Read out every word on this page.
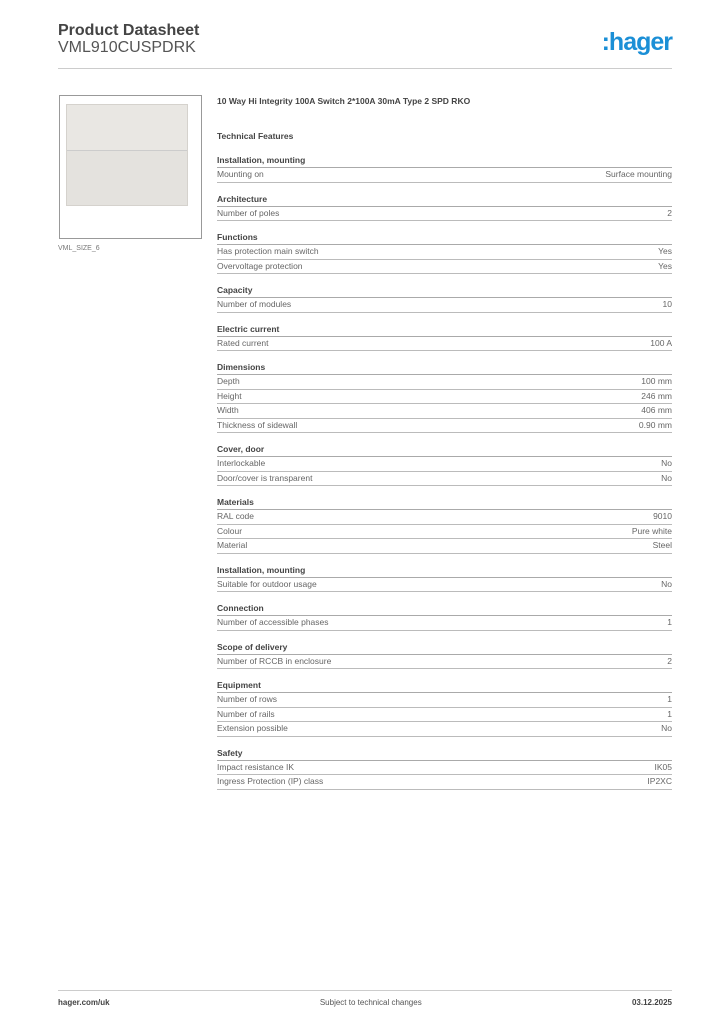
Product Datasheet
VML910CUSPDRK	:hager
VML_SIZE_6
10 Way Hi Integrity 100A Switch 2*100A 30mA Type 2 SPD RKO
Technical Features
Installation, mounting
Mounting on	Surface mounting
Architecture
Number of poles	2
Functions
Has protection main switch	Yes
Overvoltage protection	Yes
Capacity
Number of modules	10
Electric current
Rated current	100 A
Dimensions
Depth	100 mm
Height	246 mm
Width	406 mm
Thickness of sidewall	0.90 mm
Cover, door
Interlockable	No
Door/cover is transparent	No
Materials
RAL code	9010
Colour	Pure white
Material	Steel
Installation, mounting
Suitable for outdoor usage	No
Connection
Number of accessible phases	1
Scope of delivery
Number of RCCB in enclosure	2
Equipment
Number of rows	1
Number of rails	1
Extension possible	No
Safety
Impact resistance IK	IK05
Ingress Protection (IP) class	IP2XC
hager.com/uk	Subject to technical changes	03.12.2025
